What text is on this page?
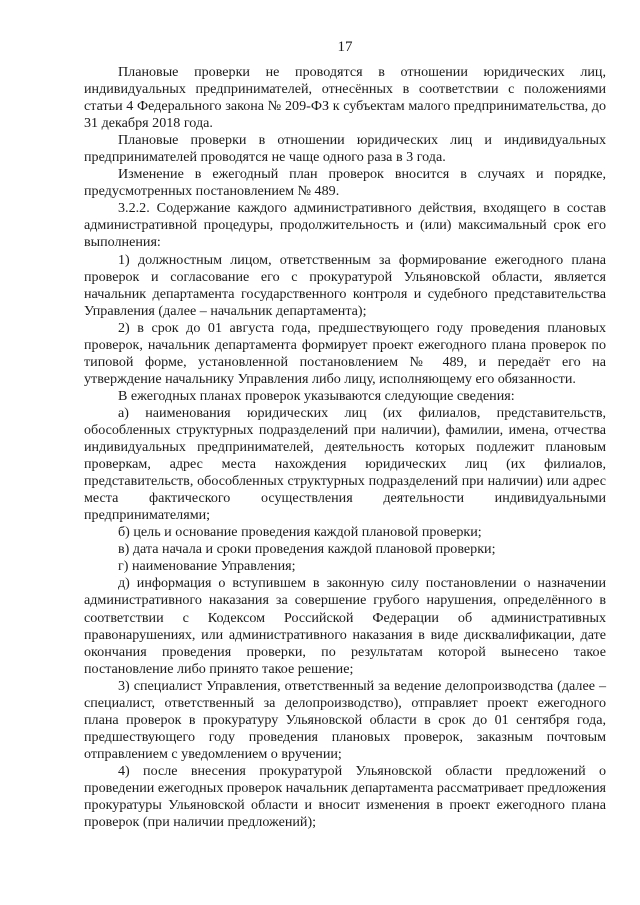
17

Плановые проверки не проводятся в отношении юридических лиц, индивидуальных предпринимателей, отнесённых в соответствии с положениями статьи 4 Федерального закона № 209-ФЗ к субъектам малого предпринимательства, до 31 декабря 2018 года.

Плановые проверки в отношении юридических лиц и индивидуальных предпринимателей проводятся не чаще одного раза в 3 года.

Изменение в ежегодный план проверок вносится в случаях и порядке, предусмотренных постановлением № 489.

3.2.2. Содержание каждого административного действия, входящего в состав административной процедуры, продолжительность и (или) максимальный срок его выполнения:

1) должностным лицом, ответственным за формирование ежегодного плана проверок и согласование его с прокуратурой Ульяновской области, является начальник департамента государственного контроля и судебного представительства Управления (далее – начальник департамента);

2) в срок до 01 августа года, предшествующего году проведения плановых проверок, начальник департамента формирует проект ежегодного плана проверок по типовой форме, установленной постановлением № 489, и передаёт его на утверждение начальнику Управления либо лицу, исполняющему его обязанности.

В ежегодных планах проверок указываются следующие сведения:

а) наименования юридических лиц (их филиалов, представительств, обособленных структурных подразделений при наличии), фамилии, имена, отчества индивидуальных предпринимателей, деятельность которых подлежит плановым проверкам, адрес места нахождения юридических лиц (их филиалов, представительств, обособленных структурных подразделений при наличии) или адрес места фактического осуществления деятельности индивидуальными предпринимателями;

б) цель и основание проведения каждой плановой проверки;

в) дата начала и сроки проведения каждой плановой проверки;

г) наименование Управления;

д) информация о вступившем в законную силу постановлении о назначении административного наказания за совершение грубого нарушения, определённого в соответствии с Кодексом Российской Федерации об административных правонарушениях, или административного наказания в виде дисквалификации, дате окончания проведения проверки, по результатам которой вынесено такое постановление либо принято такое решение;

3) специалист Управления, ответственный за ведение делопроизводства (далее – специалист, ответственный за делопроизводство), отправляет проект ежегодного плана проверок в прокуратуру Ульяновской области в срок до 01 сентября года, предшествующего году проведения плановых проверок, заказным почтовым отправлением с уведомлением о вручении;

4) после внесения прокуратурой Ульяновской области предложений о проведении ежегодных проверок начальник департамента рассматривает предложения прокуратуры Ульяновской области и вносит изменения в проект ежегодного плана проверок (при наличии предложений);
